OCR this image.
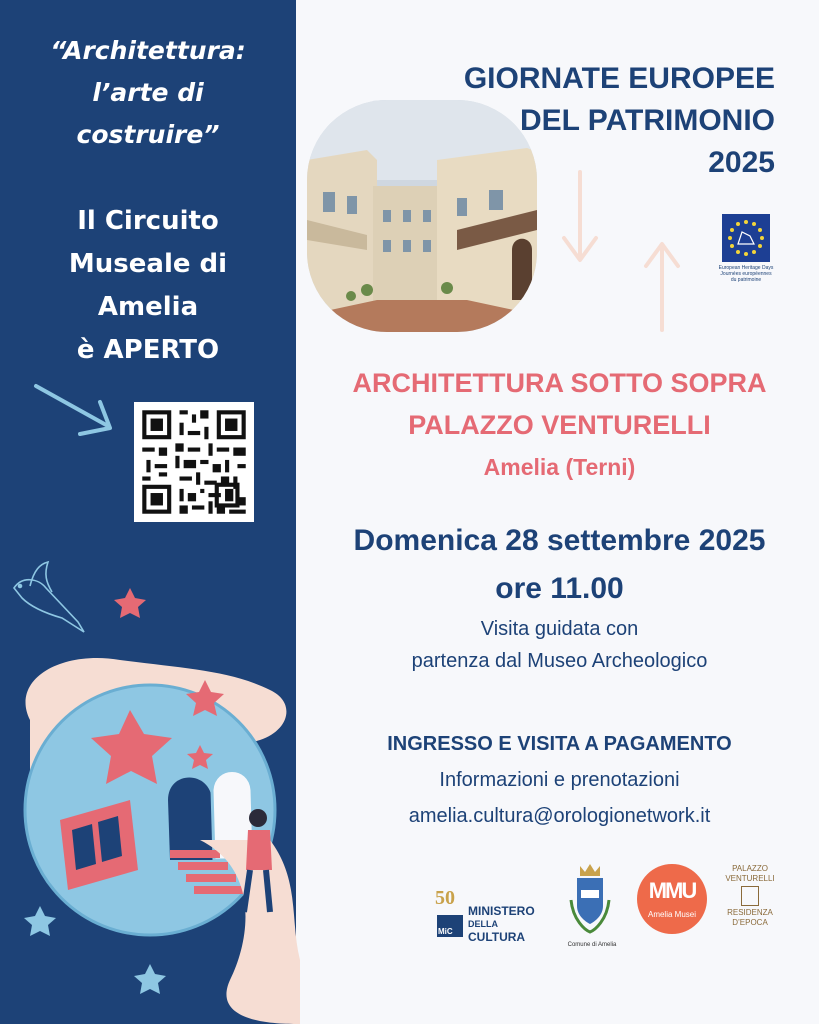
“Architettura:
l’arte di
costruire”
Il Circuito
Museale di
Amelia
è APERTO
GIORNATE EUROPEE
DEL PATRIMONIO
2025
European Heritage Days
Journées européennes
du patrimoine
ARCHITETTURA SOTTO SOPRA
PALAZZO VENTURELLI
Amelia (Terni)
Domenica 28 settembre 2025
ore 11.00
Visita guidata con
partenza dal Museo Archeologico
INGRESSO E VISITA A PAGAMENTO
Informazioni e prenotazioni
amelia.cultura@orologionetwork.it
50
MiC
MINISTERO
DELLA
CULTURA
Comune di Amelia
MMU
Amelia Musei
PALAZZO
VENTURELLI
RESIDENZA
D’EPOCA
